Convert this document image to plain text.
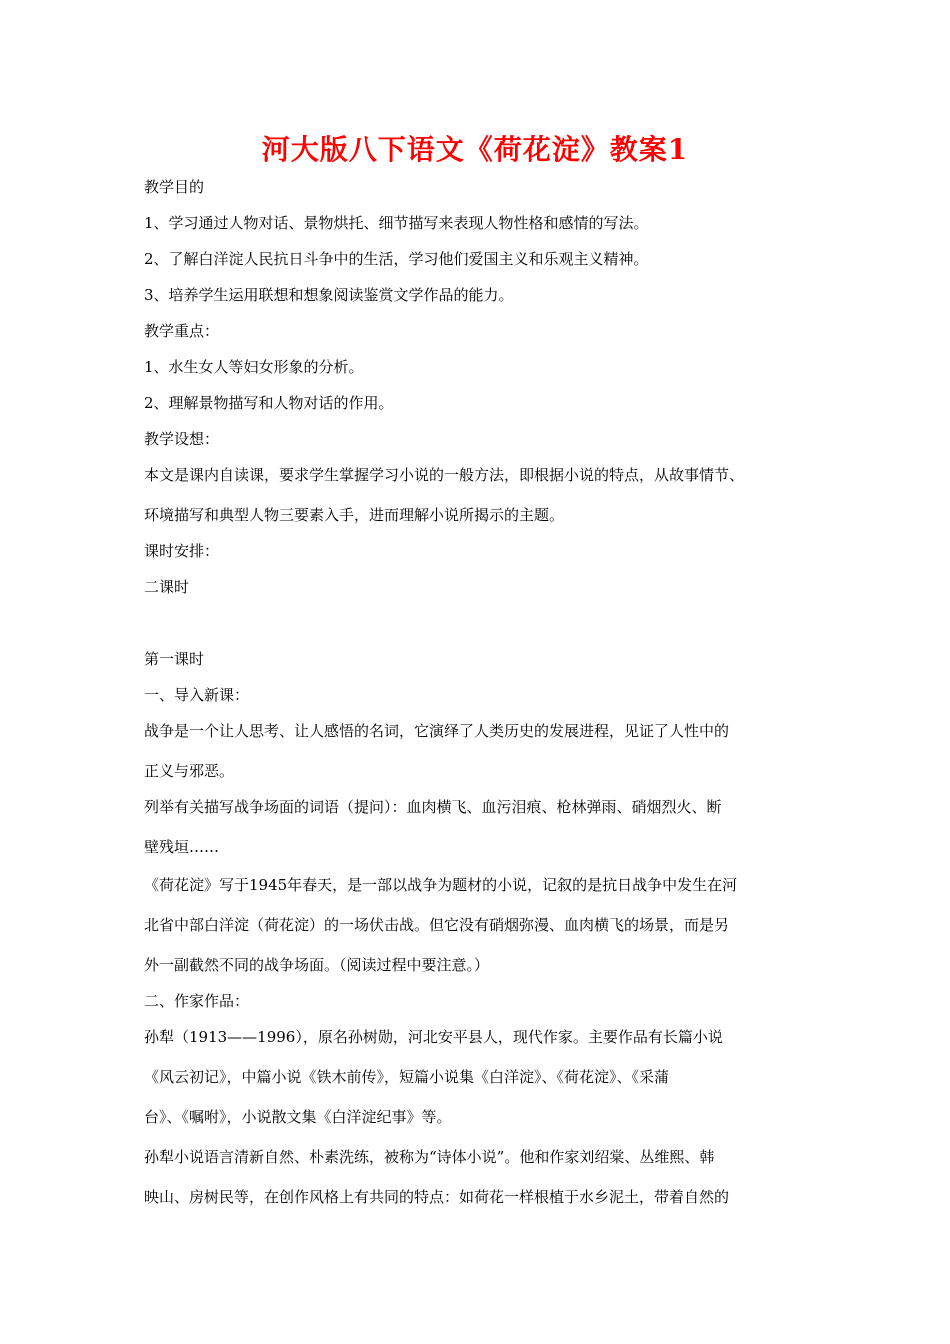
河大版八下语文《荷花淀》教案1
教学目的
1、学习通过人物对话、景物烘托、细节描写来表现人物性格和感情的写法。
2、了解白洋淀人民抗日斗争中的生活，学习他们爱国主义和乐观主义精神。
3、培养学生运用联想和想象阅读鉴赏文学作品的能力。
教学重点：
1、水生女人等妇女形象的分析。
2、理解景物描写和人物对话的作用。
教学设想：
本文是课内自读课，要求学生掌握学习小说的一般方法，即根据小说的特点，从故事情节、
环境描写和典型人物三要素入手，进而理解小说所揭示的主题。
课时安排：
二课时
第一课时
一、导入新课：
战争是一个让人思考、让人感悟的名词，它演绎了人类历史的发展进程，见证了人性中的
正义与邪恶。
列举有关描写战争场面的词语（提问）：血肉横飞、血污泪痕、枪林弹雨、硝烟烈火、断
壁残垣……
《荷花淀》写于1945年春天，是一部以战争为题材的小说，记叙的是抗日战争中发生在河
北省中部白洋淀（荷花淀）的一场伏击战。但它没有硝烟弥漫、血肉横飞的场景，而是另
外一副截然不同的战争场面。（阅读过程中要注意。）
二、作家作品：
孙犁（1913——1996），原名孙树勋，河北安平县人，现代作家。主要作品有长篇小说
《风云初记》，中篇小说《铁木前传》，短篇小说集《白洋淀》、《荷花淀》、《采蒲
台》、《嘱咐》，小说散文集《白洋淀纪事》等。
孙犁小说语言清新自然、朴素洗练，被称为“诗体小说”。他和作家刘绍棠、丛维熙、韩
映山、房树民等，在创作风格上有共同的特点：如荷花一样根植于水乡泥土，带着自然的
